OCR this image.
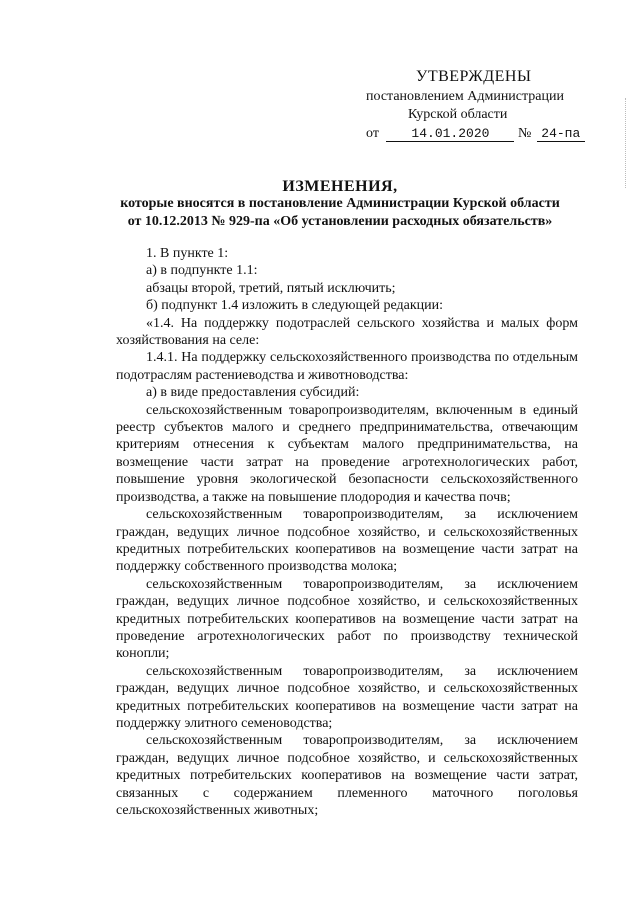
УТВЕРЖДЕНЫ
постановлением Администрации
Курской области
от 14.01.2020 № 24-па
ИЗМЕНЕНИЯ,
которые вносятся в постановление Администрации Курской области
от 10.12.2013 № 929-па «Об установлении расходных обязательств»

1. В пункте 1:

а) в подпункте 1.1:

абзацы второй, третий, пятый исключить;

б) подпункт 1.4 изложить в следующей редакции:

«1.4. На поддержку подотраслей сельского хозяйства и малых форм хозяйствования на селе:

1.4.1. На поддержку сельскохозяйственного производства по отдельным подотраслям растениеводства и животноводства:

а) в виде предоставления субсидий:

сельскохозяйственным товаропроизводителям, включенным в единый реестр субъектов малого и среднего предпринимательства, отвечающим критериям отнесения к субъектам малого предпринимательства, на возмещение части затрат на проведение агротехнологических работ, повышение уровня экологической безопасности сельскохозяйственного производства, а также на повышение плодородия и качества почв;

сельскохозяйственным товаропроизводителям, за исключением граждан, ведущих личное подсобное хозяйство, и сельскохозяйственных кредитных потребительских кооперативов на возмещение части затрат на поддержку собственного производства молока;

сельскохозяйственным товаропроизводителям, за исключением граждан, ведущих личное подсобное хозяйство, и сельскохозяйственных кредитных потребительских кооперативов на возмещение части затрат на проведение агротехнологических работ по производству технической конопли;

сельскохозяйственным товаропроизводителям, за исключением граждан, ведущих личное подсобное хозяйство, и сельскохозяйственных кредитных потребительских кооперативов на возмещение части затрат на поддержку элитного семеноводства;

сельскохозяйственным товаропроизводителям, за исключением граждан, ведущих личное подсобное хозяйство, и сельскохозяйственных кредитных потребительских кооперативов на возмещение части затрат, связанных с содержанием племенного маточного поголовья сельскохозяйственных животных;
